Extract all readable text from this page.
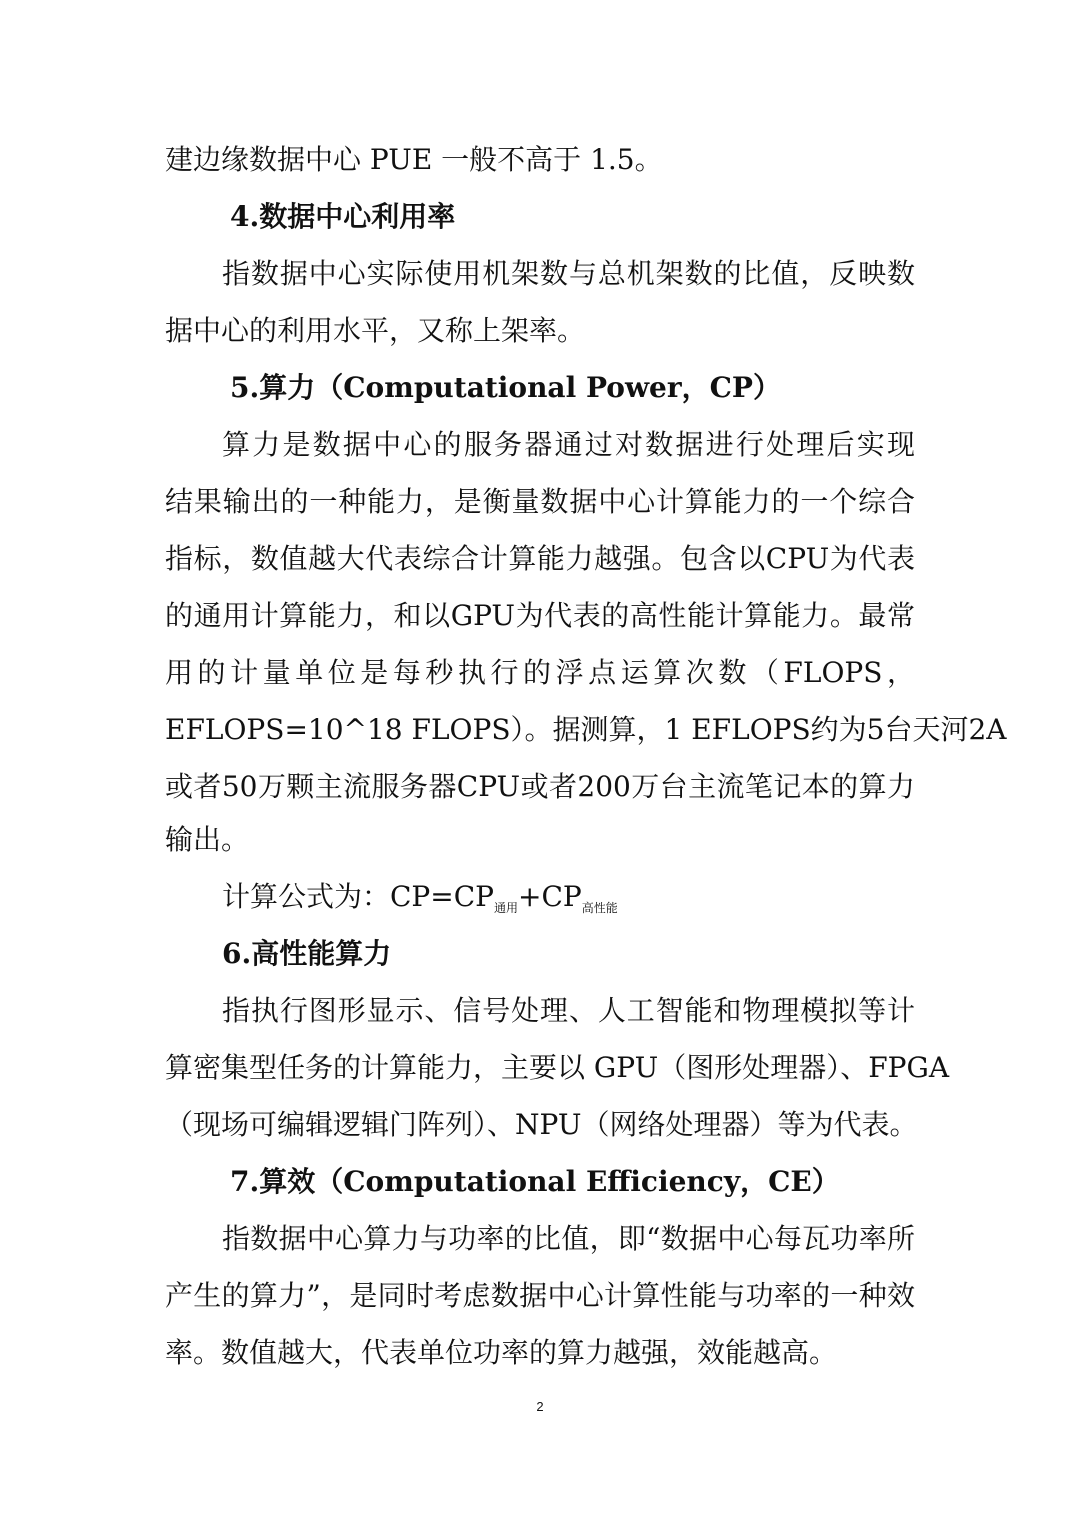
建边缘数据中心 PUE 一般不高于 1.5。
4.数据中心利用率
指数据中心实际使用机架数与总机架数的比值，反映数
据中心的利用水平，又称上架率。
5.算力（Computational Power，CP）
算力是数据中心的服务器通过对数据进行处理后实现
结果输出的一种能力，是衡量数据中心计算能力的一个综合
指标，数值越大代表综合计算能力越强。包含以CPU为代表
的通用计算能力，和以GPU为代表的高性能计算能力。最常
用的计量单位是每秒执行的浮点运算次数（FLOPS，
EFLOPS=10^18 FLOPS）。据测算，1 EFLOPS约为5台天河2A
或者50万颗主流服务器CPU或者200万台主流笔记本的算力
输出。
计算公式为：$CP=CP_{通用}+CP_{高性能}$
6.高性能算力
指执行图形显示、信号处理、人工智能和物理模拟等计
算密集型任务的计算能力，主要以 GPU（图形处理器）、FPGA
（现场可编辑逻辑门阵列）、NPU（网络处理器）等为代表。
7.算效（Computational Efficiency，CE）
指数据中心算力与功率的比值，即“数据中心每瓦功率所
产生的算力”，是同时考虑数据中心计算性能与功率的一种效
率。数值越大，代表单位功率的算力越强，效能越高。
2
